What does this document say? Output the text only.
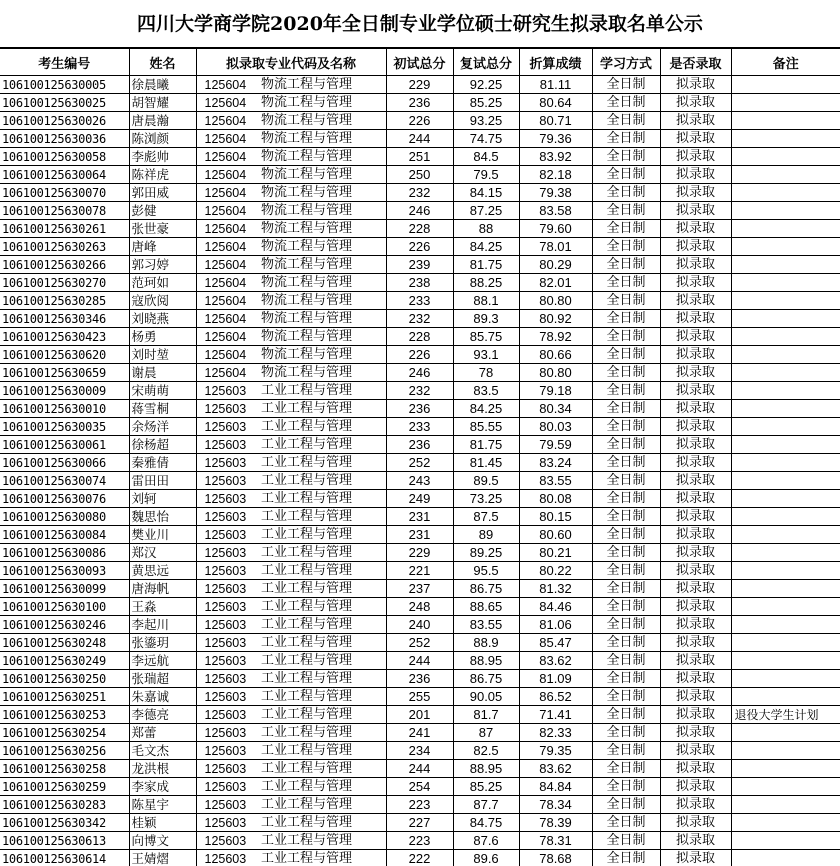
四川大学商学院2020年全日制专业学位硕士研究生拟录取名单公示
考生编号	姓名	拟录取专业代码及名称		初试总分	复试总分	折算成绩	学习方式	是否录取	备注
106100125630005	徐晨曦	125604	物流工程与管理	229	92.25	81.11	全日制	拟录取	
106100125630025	胡智耀	125604	物流工程与管理	236	85.25	80.64	全日制	拟录取	
106100125630026	唐晨瀚	125604	物流工程与管理	226	93.25	80.71	全日制	拟录取	
106100125630036	陈浏颜	125604	物流工程与管理	244	74.75	79.36	全日制	拟录取	
106100125630058	李彪帅	125604	物流工程与管理	251	84.5	83.92	全日制	拟录取	
106100125630064	陈祥虎	125604	物流工程与管理	250	79.5	82.18	全日制	拟录取	
106100125630070	郭田威	125604	物流工程与管理	232	84.15	79.38	全日制	拟录取	
106100125630078	彭健	125604	物流工程与管理	246	87.25	83.58	全日制	拟录取	
106100125630261	张世豪	125604	物流工程与管理	228	88	79.60	全日制	拟录取	
106100125630263	唐峰	125604	物流工程与管理	226	84.25	78.01	全日制	拟录取	
106100125630266	郭习婷	125604	物流工程与管理	239	81.75	80.29	全日制	拟录取	
106100125630270	范珂如	125604	物流工程与管理	238	88.25	82.01	全日制	拟录取	
106100125630285	寇欣阅	125604	物流工程与管理	233	88.1	80.80	全日制	拟录取	
106100125630346	刘晓燕	125604	物流工程与管理	232	89.3	80.92	全日制	拟录取	
106100125630423	杨勇	125604	物流工程与管理	228	85.75	78.92	全日制	拟录取	
106100125630620	刘时堃	125604	物流工程与管理	226	93.1	80.66	全日制	拟录取	
106100125630659	谢晨	125604	物流工程与管理	246	78	80.80	全日制	拟录取	
106100125630009	宋萌萌	125603	工业工程与管理	232	83.5	79.18	全日制	拟录取	
106100125630010	蒋雪桐	125603	工业工程与管理	236	84.25	80.34	全日制	拟录取	
106100125630035	余炀洋	125603	工业工程与管理	233	85.55	80.03	全日制	拟录取	
106100125630061	徐杨超	125603	工业工程与管理	236	81.75	79.59	全日制	拟录取	
106100125630066	秦雅倩	125603	工业工程与管理	252	81.45	83.24	全日制	拟录取	
106100125630074	雷田田	125603	工业工程与管理	243	89.5	83.55	全日制	拟录取	
106100125630076	刘轲	125603	工业工程与管理	249	73.25	80.08	全日制	拟录取	
106100125630080	魏思怡	125603	工业工程与管理	231	87.5	80.15	全日制	拟录取	
106100125630084	樊业川	125603	工业工程与管理	231	89	80.60	全日制	拟录取	
106100125630086	郑汉	125603	工业工程与管理	229	89.25	80.21	全日制	拟录取	
106100125630093	黄思远	125603	工业工程与管理	221	95.5	80.22	全日制	拟录取	
106100125630099	唐海帆	125603	工业工程与管理	237	86.75	81.32	全日制	拟录取	
106100125630100	王淼	125603	工业工程与管理	248	88.65	84.46	全日制	拟录取	
106100125630246	李起川	125603	工业工程与管理	240	83.55	81.06	全日制	拟录取	
106100125630248	张鎏玥	125603	工业工程与管理	252	88.9	85.47	全日制	拟录取	
106100125630249	李远航	125603	工业工程与管理	244	88.95	83.62	全日制	拟录取	
106100125630250	张瑞超	125603	工业工程与管理	236	86.75	81.09	全日制	拟录取	
106100125630251	朱嘉诚	125603	工业工程与管理	255	90.05	86.52	全日制	拟录取	
106100125630253	李德亮	125603	工业工程与管理	201	81.7	71.41	全日制	拟录取	退役大学生计划
106100125630254	郑蕾	125603	工业工程与管理	241	87	82.33	全日制	拟录取	
106100125630256	毛文杰	125603	工业工程与管理	234	82.5	79.35	全日制	拟录取	
106100125630258	龙洪根	125603	工业工程与管理	244	88.95	83.62	全日制	拟录取	
106100125630259	李家成	125603	工业工程与管理	254	85.25	84.84	全日制	拟录取	
106100125630283	陈星宇	125603	工业工程与管理	223	87.7	78.34	全日制	拟录取	
106100125630342	桂颖	125603	工业工程与管理	227	84.75	78.39	全日制	拟录取	
106100125630613	向博文	125603	工业工程与管理	223	87.6	78.31	全日制	拟录取	
106100125630614	王婧熠	125603	工业工程与管理	222	89.6	78.68	全日制	拟录取	
